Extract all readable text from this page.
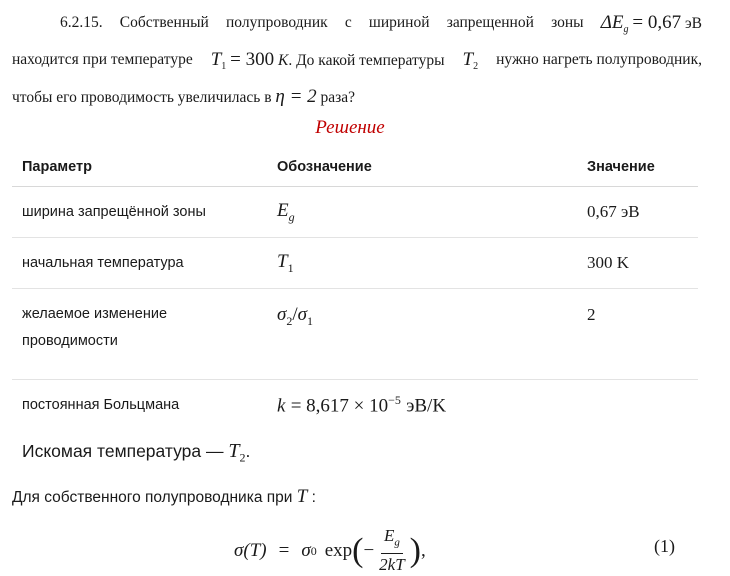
6.2.15. Собственный полупроводник с шириной запрещенной зоны $\Delta E_g = 0,67$ эВ
находится при температуре $T_1 = 300$ K. До какой температуры $T_2$ нужно нагреть полупроводник,
чтобы его проводимость увеличилась в η = 2 раза?
Решение
Параметр	Обозначение	Значение
ширина запрещённой зоны	$E_g$	0,67 эВ
начальная температура	$T_1$	300 K

желаемое изменение
проводимости	$\sigma_2/\sigma_1$	2
постоянная Больцмана	$k = 8,617 \times 10^{-5}$ эВ/K	
Искомая температура — $T_2$.
Для собственного полупроводника при T :
σ(T) = σ 0 exp ( − $\frac{E_g}{2kT}$ ) ,	(1)
